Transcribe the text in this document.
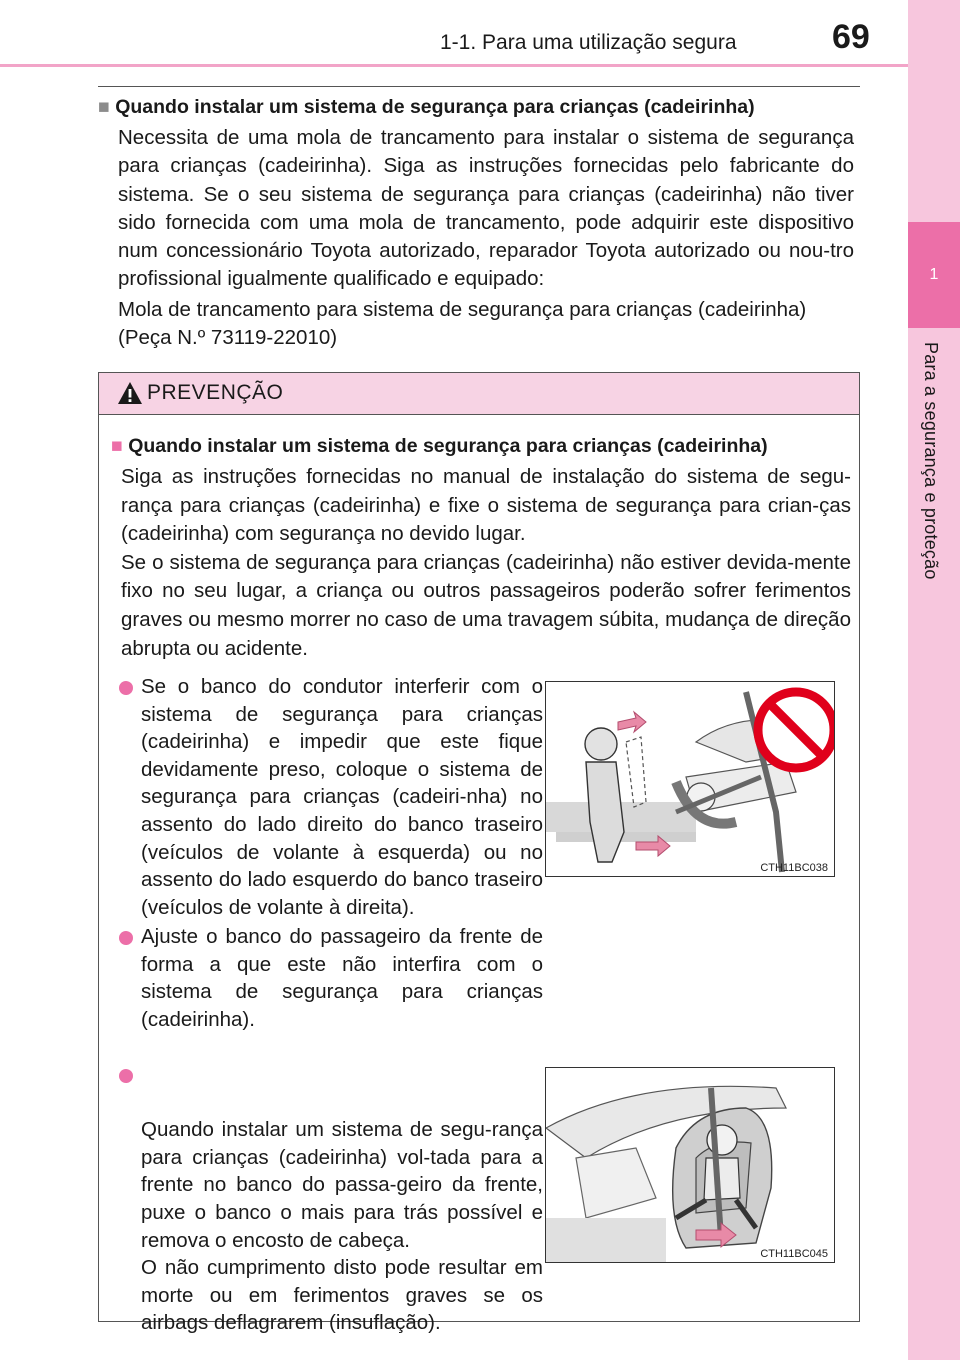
1-1. Para uma utilização segura	69
1
Para a segurança e proteção
■ Quando instalar um sistema de segurança para crianças (cadeirinha)

Necessita de uma mola de trancamento para instalar o sistema de segurança para crianças (cadeirinha). Siga as instruções fornecidas pelo fabricante do sistema. Se o seu sistema de segurança para crianças (cadeirinha) não tiver sido fornecida com uma mola de trancamento, pode adquirir este dispositivo num concessionário Toyota autorizado, reparador Toyota autorizado ou nou-tro profissional igualmente qualificado e equipado:

Mola de trancamento para sistema de segurança para crianças (cadeirinha)

(Peça N.º 73119-22010)

PREVENÇÃO
■ Quando instalar um sistema de segurança para crianças (cadeirinha)
Siga as instruções fornecidas no manual de instalação do sistema de segu-rança para crianças (cadeirinha) e fixe o sistema de segurança para crian-ças (cadeirinha) com segurança no devido lugar.
Se o sistema de segurança para crianças (cadeirinha) não estiver devida-mente fixo no seu lugar, a criança ou outros passageiros poderão sofrer ferimentos graves ou mesmo morrer no caso de uma travagem súbita, mudança de direção abrupta ou acidente.
Se o banco do condutor interferir com o sistema de segurança para crianças (cadeirinha) e impedir que este fique devidamente preso, coloque o sistema de segurança para crianças (cadeiri-nha) no assento do lado direito do banco traseiro (veículos de volante à esquerda) ou no assento do lado esquerdo do banco traseiro (veículos de volante à direita).
Ajuste o banco do passageiro da frente de forma a que este não interfira com o sistema de segurança para crianças (cadeirinha).

Quando instalar um sistema de segu-rança para crianças (cadeirinha) vol-tada para a frente no banco do passa-geiro da frente, puxe o banco o mais para trás possível e remova o encosto de cabeça.
O não cumprimento disto pode resultar em morte ou em ferimentos graves se os airbags deflagrarem (insuflação).

CTH11BC038
CTH11BC045
